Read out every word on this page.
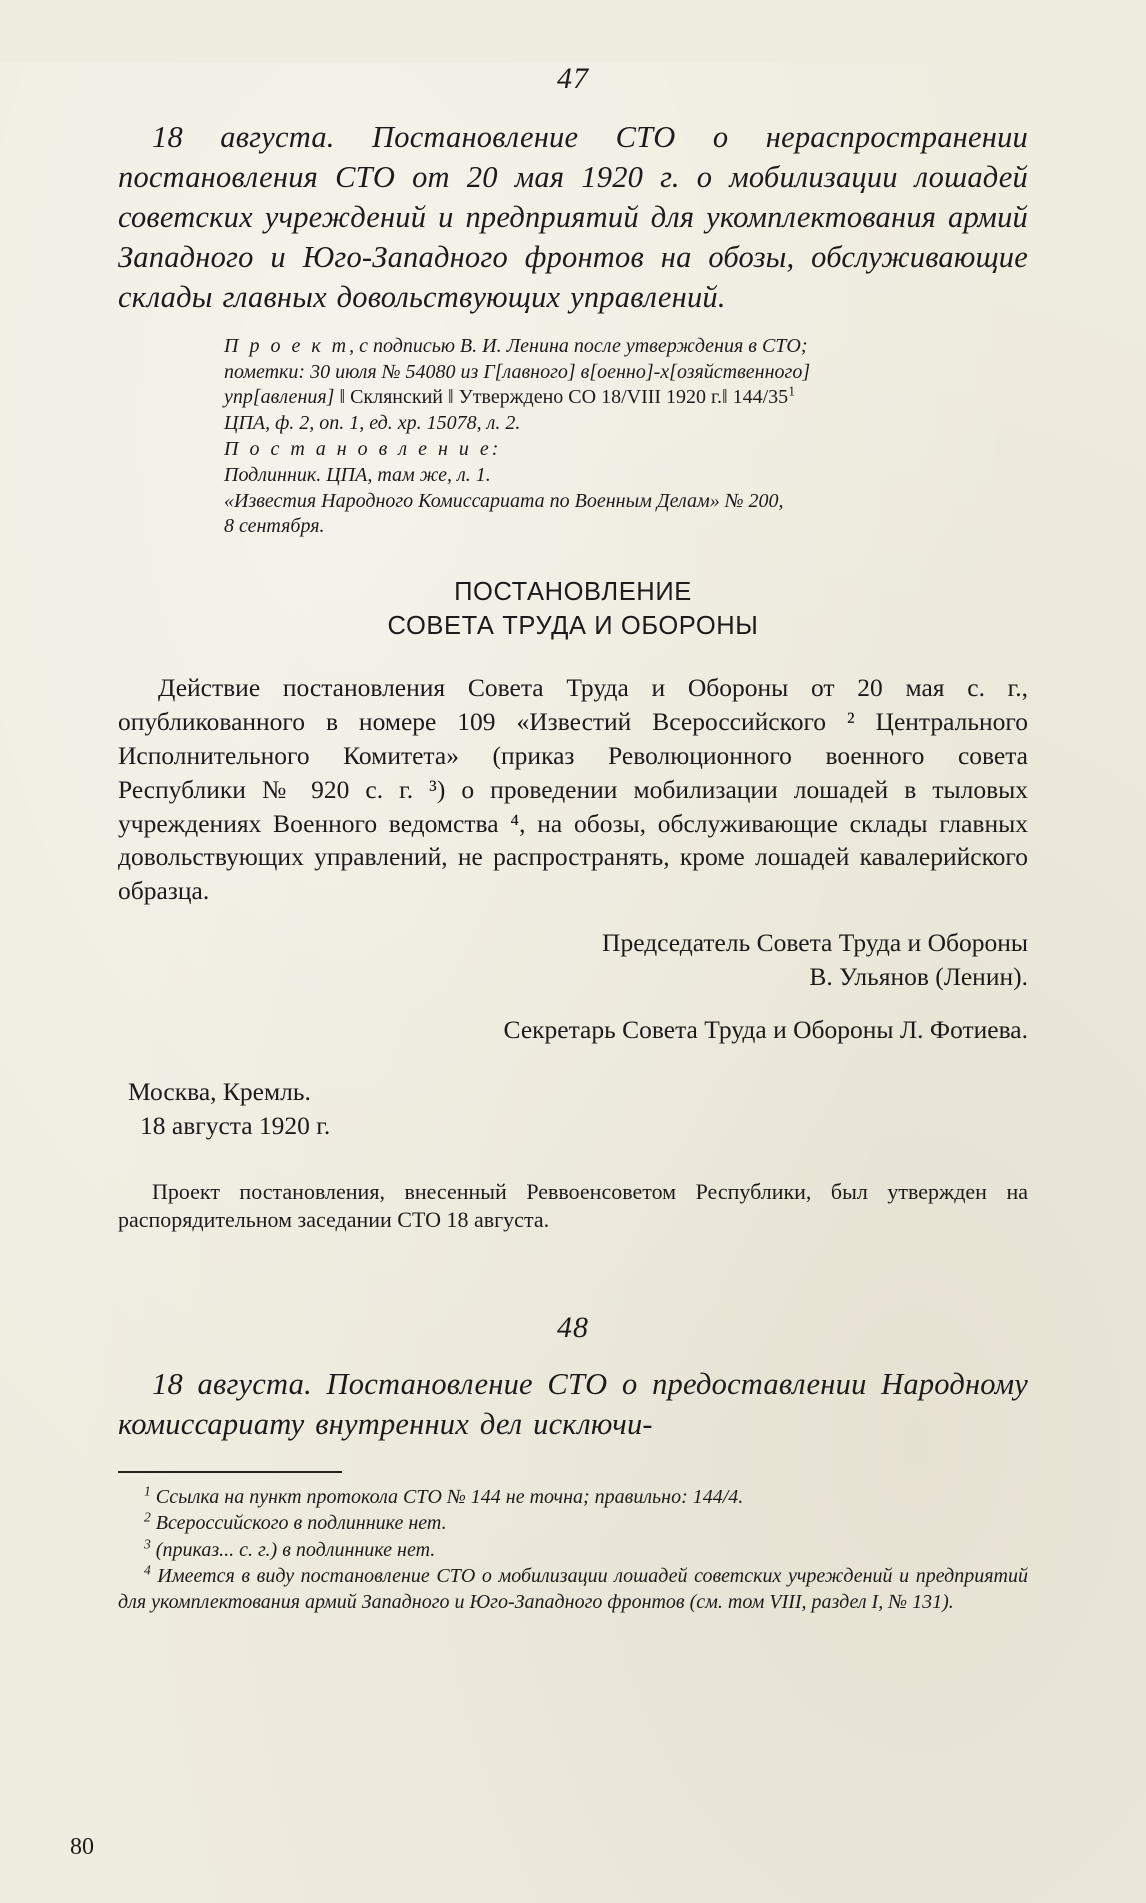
47
18 августа. Постановление СТО о нераспространении постановления СТО от 20 мая 1920 г. о мобилизации лошадей советских учреждений и предприятий для укомплектования армий Западного и Юго-Западного фронтов на обозы, обслуживающие склады главных довольствующих управлений.
П р о е к т, с подписью В. И. Ленина после утверждения в СТО;
пометки: 30 июля № 54080 из Г[лавного] в[оенно]-х[озяйственного]
упр[авления] ‖ Склянский ‖ Утверждено СО 18/VIII 1920 г.‖ $144/35^1$
ЦПА, ф. 2, оп. 1, ед. хр. 15078, л. 2.
П о с т а н о в л е н и е:
Подлинник. ЦПА, там же, л. 1.
«Известия Народного Комиссариата по Военным Делам» № 200,
8 сентября.
ПОСТАНОВЛЕНИЕ
СОВЕТА ТРУДА И ОБОРОНЫ
Действие постановления Совета Труда и Обороны от 20 мая с. г., опубликованного в номере 109 «Известий Всероссийского ² Центрального Исполнительного Комитета» (приказ Революционного военного совета Республики № 920 с. г. ³) о проведении мобилизации лошадей в тыловых учреждениях Военного ведомства ⁴, на обозы, обслуживающие склады главных довольствующих управлений, не распространять, кроме лошадей кавалерийского образца.
Председатель Совета Труда и Обороны
В. Ульянов (Ленин).
Секретарь Совета Труда и Обороны Л. Фотиева.
Москва, Кремль.
18 августа 1920 г.
Проект постановления, внесенный Реввоенсоветом Республики, был утвержден на распорядительном заседании СТО 18 августа.
48
18 августа. Постановление СТО о предоставлении Народному комиссариату внутренних дел исключи-
$^1$ Ссылка на пункт протокола СТО № 144 не точна; правильно: 144/4.
$^2$ Всероссийского в подлиннике нет.
$^3$ (приказ... с. г.) в подлиннике нет.
$^4$ Имеется в виду постановление СТО о мобилизации лошадей советских учреждений и предприятий для укомплектования армий Западного и Юго-Западного фронтов (см. том VIII, раздел I, № 131).
80
